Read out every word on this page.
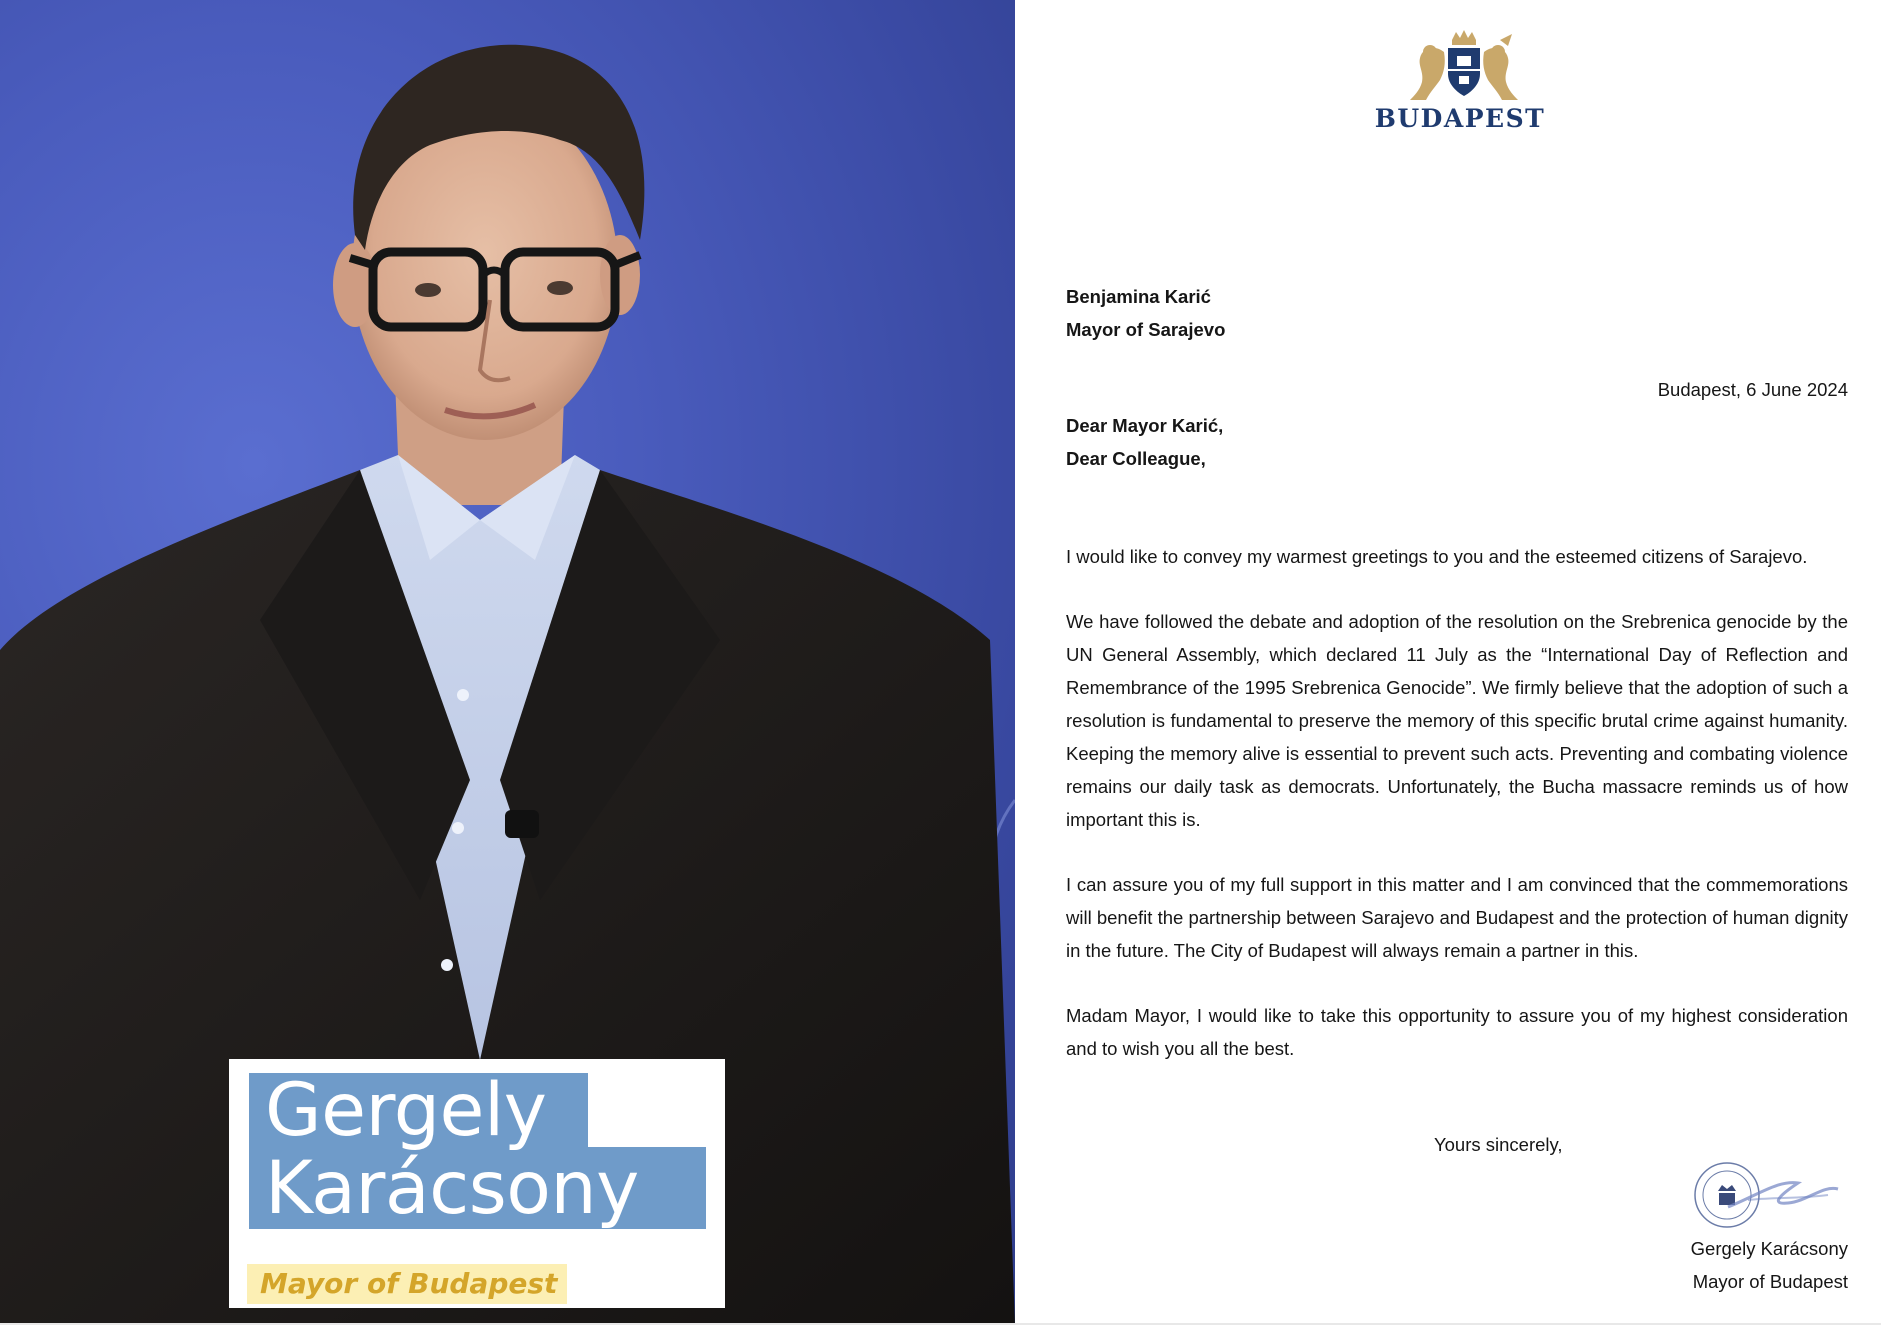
Gergely
Karácsony
Mayor of Budapest
BUDAPEST
Benjamina Karić
Mayor of Sarajevo
Budapest, 6 June 2024
Dear Mayor Karić,
Dear Colleague,

I would like to convey my warmest greetings to you and the esteemed citizens of Sarajevo.

We have followed the debate and adoption of the resolution on the Srebrenica genocide by the UN General Assembly, which declared 11 July as the “International Day of Reflection and Remembrance of the 1995 Srebrenica Genocide”. We firmly believe that the adoption of such a resolution is fundamental to preserve the memory of this specific brutal crime against humanity. Keeping the memory alive is essential to prevent such acts. Preventing and combating violence remains our daily task as democrats. Unfortunately, the Bucha massacre reminds us of how important this is.

I can assure you of my full support in this matter and I am convinced that the commemorations will benefit the partnership between Sarajevo and Budapest and the protection of human dignity in the future. The City of Budapest will always remain a partner in this.

Madam Mayor, I would like to take this opportunity to assure you of my highest consideration and to wish you all the best.

Yours sincerely,
Gergely Karácsony
Mayor of Budapest
